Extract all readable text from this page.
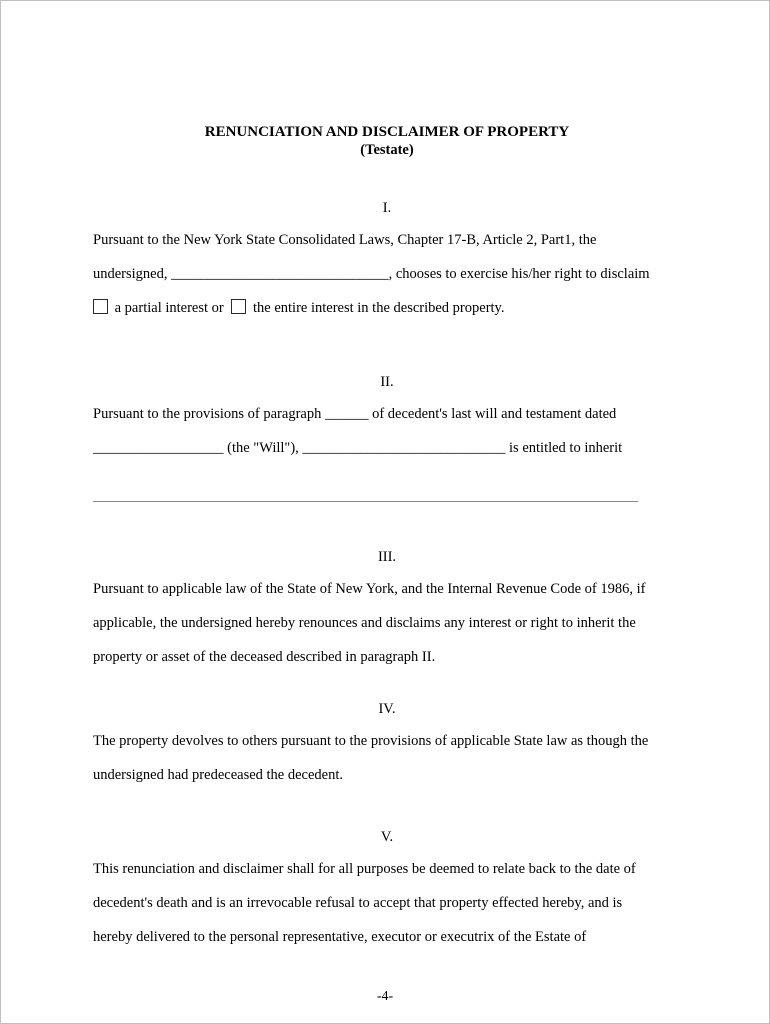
RENUNCIATION AND DISCLAIMER OF PROPERTY
(Testate)
I.

Pursuant to the New York State Consolidated Laws, Chapter 17-B, Article 2, Part1, the

undersigned, ______________________________, chooses to exercise his/her right to disclaim

a partial interest or the entire interest in the described property.

II.

Pursuant to the provisions of paragraph ______ of decedent's last will and testament dated

__________________ (the "Will"), ____________________________ is entitled to inherit

III.

Pursuant to applicable law of the State of New York, and the Internal Revenue Code of 1986, if

applicable, the undersigned hereby renounces and disclaims any interest or right to inherit the

property or asset of the deceased described in paragraph II.

IV.

The property devolves to others pursuant to the provisions of applicable State law as though the

undersigned had predeceased the decedent.

V.

This renunciation and disclaimer shall for all purposes be deemed to relate back to the date of

decedent's death and is an irrevocable refusal to accept that property effected hereby, and is

hereby delivered to the personal representative, executor or executrix of the Estate of

-4-
